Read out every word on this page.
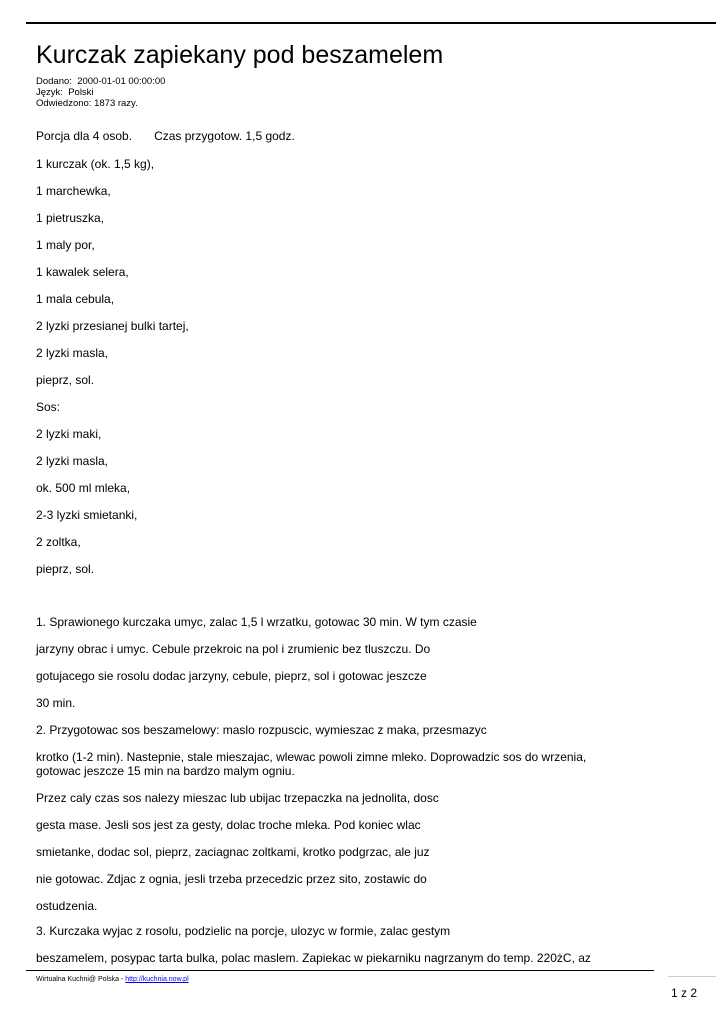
Kurczak zapiekany pod beszamelem
Dodano:  2000-01-01 00:00:00
Język:  Polski
Odwiedzono: 1873 razy.
Porcja dla 4 osob. Czas przygotow. 1,5 godz.
1 kurczak (ok. 1,5 kg),
1 marchewka,
1 pietruszka,
1 maly por,
1 kawalek selera,
1 mala cebula,
2 lyzki przesianej bulki tartej,
2 lyzki masla,
pieprz, sol.
Sos:
2 lyzki maki,
2 lyzki masla,
ok. 500 ml mleka,
2-3 lyzki smietanki,
2 zoltka,
pieprz, sol.
1. Sprawionego kurczaka umyc, zalac 1,5 l wrzatku, gotowac 30 min. W tym czasie
jarzyny obrac i umyc. Cebule przekroic na pol i zrumienic bez tluszczu. Do
gotujacego sie rosolu dodac jarzyny, cebule, pieprz, sol i gotowac jeszcze
30 min.
2. Przygotowac sos beszamelowy: maslo rozpuscic, wymieszac z maka, przesmazyc
krotko (1-2 min). Nastepnie, stale mieszajac, wlewac powoli zimne mleko. Doprowadzic sos do wrzenia,
gotowac jeszcze 15 min na bardzo malym ogniu.
Przez caly czas sos nalezy mieszac lub ubijac trzepaczka na jednolita, dosc
gesta mase. Jesli sos jest za gesty, dolac troche mleka. Pod koniec wlac
smietanke, dodac sol, pieprz, zaciagnac zoltkami, krotko podgrzac, ale juz
nie gotowac. Zdjac z ognia, jesli trzeba przecedzic przez sito, zostawic do
ostudzenia.
3. Kurczaka wyjac z rosolu, podzielic na porcje, ulozyc w formie, zalac gestym
beszamelem, posypac tarta bulka, polac maslem. Zapiekac w piekarniku nagrzanym do temp. 220żC, az
Wirtualna Kuchni@ Polska - http://kuchnia.now.pl
1 z 2
